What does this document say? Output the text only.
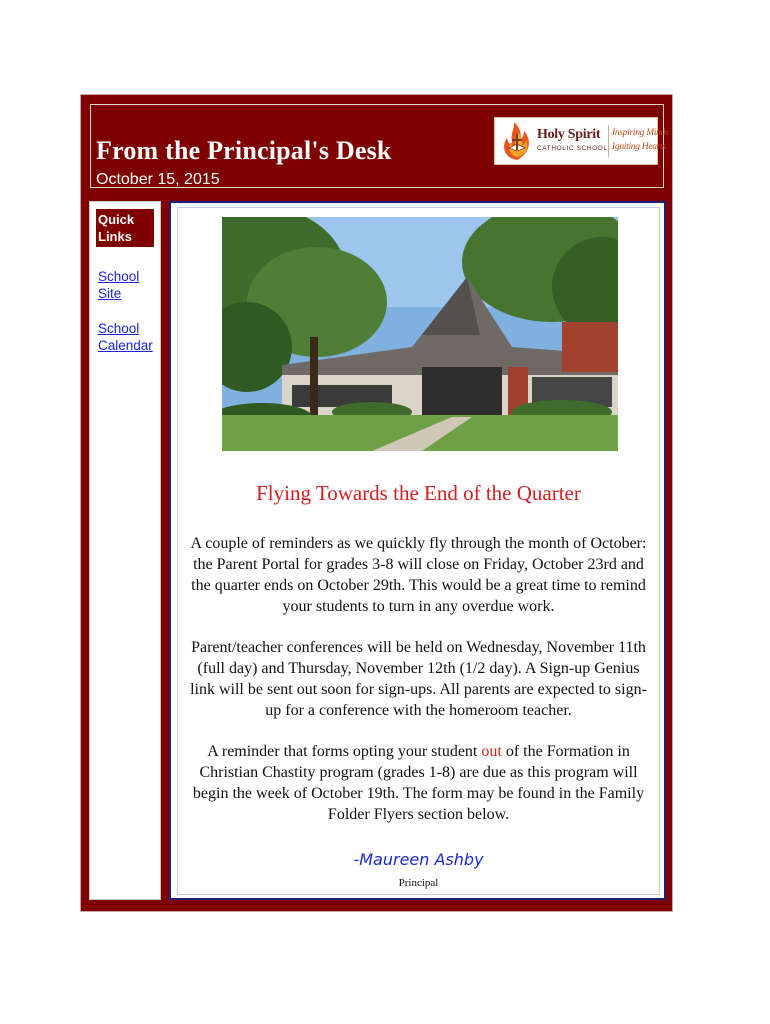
From the Principal's Desk
October 15, 2015
Holy Spirit
CATHOLIC SCHOOL
Inspiring Minds
Igniting Hearts
Quick Links
School Site
School Calendar
Flying Towards the End of the Quarter
A couple of reminders as we quickly fly through the month of October: the Parent Portal for grades 3-8 will close on Friday, October 23rd and the quarter ends on October 29th. This would be a great time to remind your students to turn in any overdue work.
Parent/teacher conferences will be held on Wednesday, November 11th (full day) and Thursday, November 12th (1/2 day). A Sign-up Genius link will be sent out soon for sign-ups. All parents are expected to sign-up for a conference with the homeroom teacher.
A reminder that forms opting your student out of the Formation in Christian Chastity program (grades 1-8) are due as this program will begin the week of October 19th. The form may be found in the Family Folder Flyers section below.
-Maureen Ashby
Principal
